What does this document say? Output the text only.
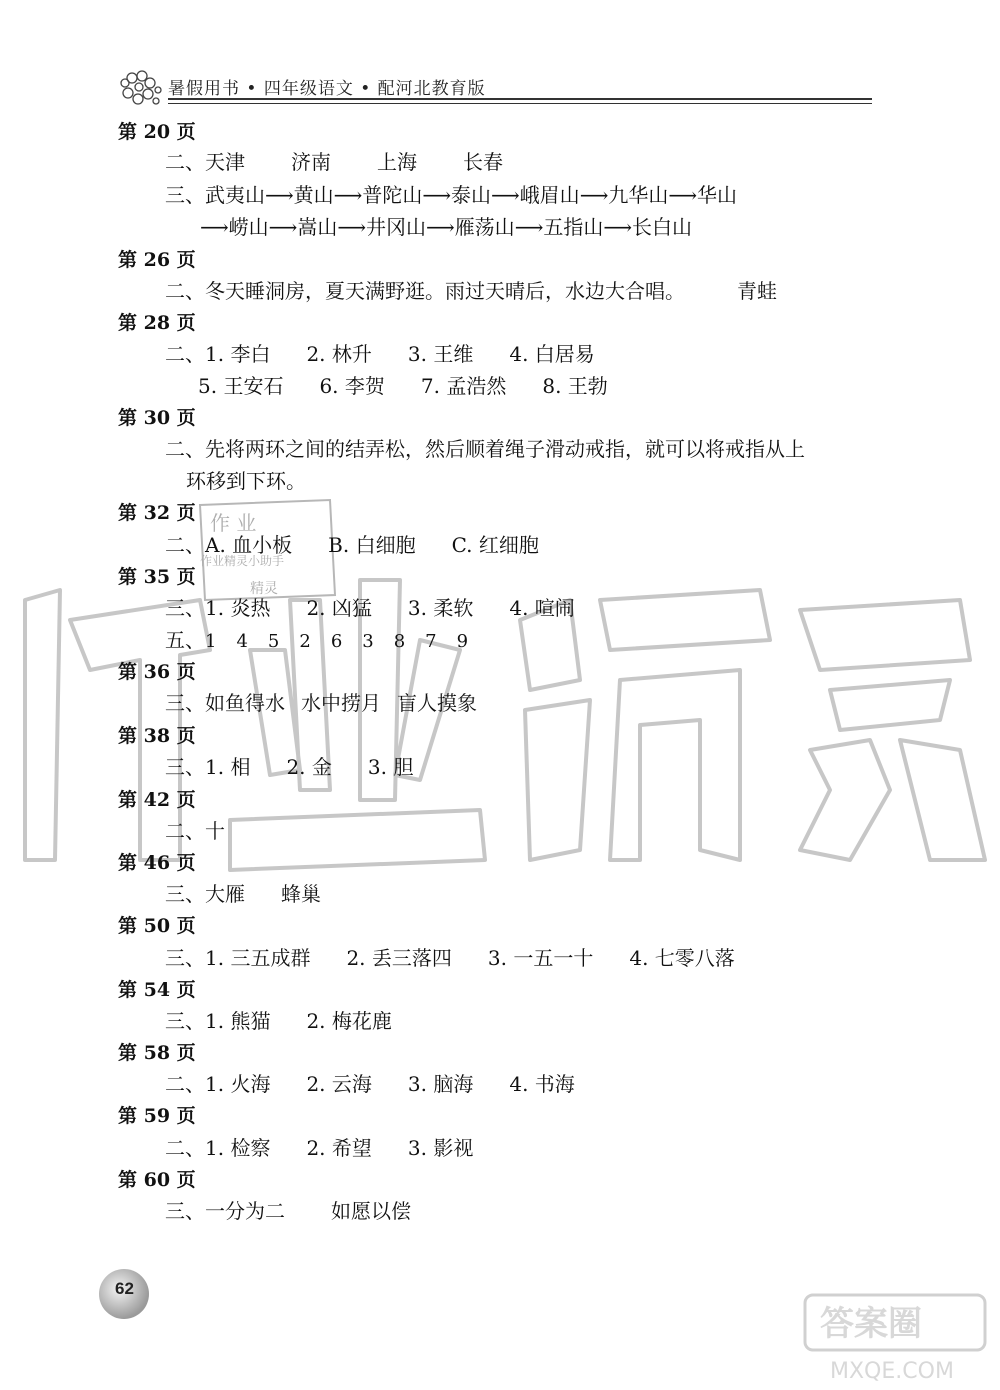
暑假用书 • 四年级语文 • 配河北教育版
作 业
作业精灵小助手
精灵
第 20 页
二、天津 济南 上海 长春
三、武夷山⟶黄山⟶普陀山⟶泰山⟶峨眉山⟶九华山⟶华山
⟶崂山⟶嵩山⟶井冈山⟶雁荡山⟶五指山⟶长白山
第 26 页
二、冬天睡洞房，夏天满野逛。雨过天晴后，水边大合唱。	青蛙
第 28 页
二、1. 李白 2. 林升 3. 王维 4. 白居易
5. 王安石 6. 李贺 7. 孟浩然 8. 王勃
第 30 页
二、先将两环之间的结弄松，然后顺着绳子滑动戒指，就可以将戒指从上
环移到下环。
第 32 页
二、A. 血小板 B. 白细胞 C. 红细胞
第 35 页
三、1. 炎热 2. 凶猛 3. 柔软 4. 喧闹
五、1 4 5 2 6 3 8 7 9
第 36 页
三、如鱼得水 水中捞月 盲人摸象
第 38 页
三、1. 相 2. 金 3. 胆
第 42 页
二、十
第 46 页
三、大雁 蜂巢
第 50 页
三、1. 三五成群 2. 丢三落四 3. 一五一十 4. 七零八落
第 54 页
三、1. 熊猫 2. 梅花鹿
第 58 页
二、1. 火海 2. 云海 3. 脑海 4. 书海
第 59 页
二、1. 检察 2. 希望 3. 影视
第 60 页
三、一分为二 如愿以偿
62
答案圈
MXQE.COM
